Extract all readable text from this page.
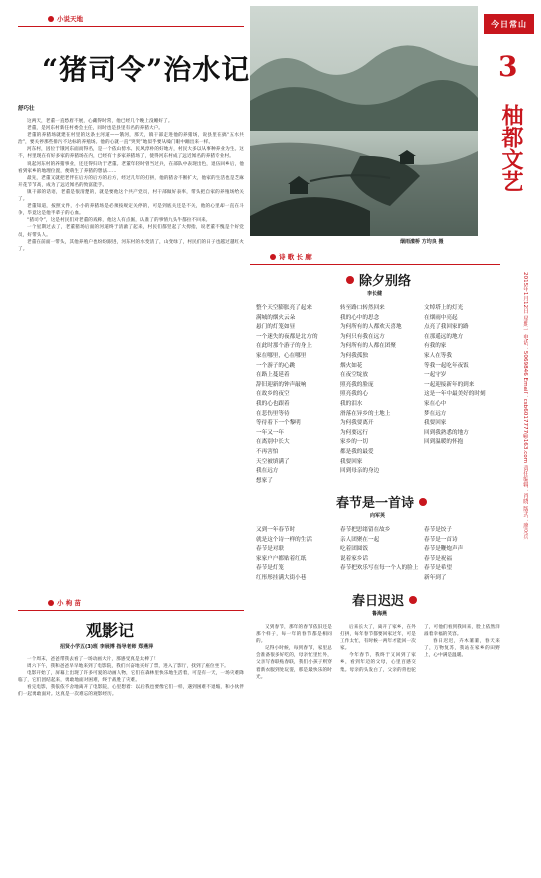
小说天地
“猪司令”治水记
舒巧壮

这两天，老董一直愁眉不展，心藏得时常，他已经几个晚上没睡好了。

老董，是河东村新任村委会主任，同时也是县里有名的养猪大户。

老董的养猪场就建在村里的这条主河道——饿河，那天，镇干部走进他的养猪场，说县里在搞“五水共治”，要关停那些排污不达标的养殖场。他的心就一直“突突”地似乎要从嗓门眼中蹦出来一样。

河东村，因位于饿河东面而得名，是一个依山傍水、民风淳朴的好地方，村民大多以从事种养业为生。这不，村里现在有好多家的养猪场在内，已经有十多家养猪场了，使得河东村成了远近闻名的养猪专业村。

说起河东村的养猪事业，还还得归功于老董。老董年轻时曾当过兵，在部队中表现出色，退伍回乡后，他看到家乡的地理位置，便萌生了养猪的想法……

最先，老董又就把老伴在后方的后方的后方，经过几年的打拼，他的猪舍不断扩大，他家的生活也是芝麻开花节节高，成为了远近闻名的致富能手。

镇干部的话语，老董是很清楚的，就是要他这个共产党员，村干部做好表率，带头把自家的养殖场给关了。

老董知道，按照文件，小小的养猪场是必须按规定关停的，可是到底关还是不关，他的心里却一直在斗争，毕竟这是他半辈子的心血。

“猪司令”，这是村民们对老董的戏称，他这人有点倔，认准了的事情九头牛都拉不回来。

一个星期过去了，老董猪场后面的河道终于清澈了起来，村民们都竖起了大拇指，说老董不愧是个好党员，好带头人。

老董在前面一带头，其他养殖户也纷纷跟进，河东村的水变清了，山变绿了，村民们的日子也越过越红火了。

小 枸 苗
观影记
招贤小学五(3)班 李展博 指导老师 郑燕萍

一个周末，爸爸带我去看了一场动画大片，那感受真是太棒了！

周六下午，我和爸爸早早地来到了电影院，我们兴奋地买好了票，进入了影厅，找到了座位坐下。

电影开始了，屏幕上出现了许多可爱的动画人物，它们在森林里快乐地生活着，可是有一天，一场灾难降临了，它们团结起来，勇敢地面对困难，终于战胜了灾难。

看完电影，我依依不舍地离开了电影院，心里想着：以后我也要像它们一样，遇到困难不退缩，和小伙伴们一起勇敢面对。这真是一次难忘的观影经历。

烟雨漾桥 方均良 摄
今日常山
3
柚都文艺
2015年1月12日 星期一 电话：5069846 Email：csb6017777@163.com 责任编辑：肖晓 版式：廖克兵
诗 歌 长 廊
除夕别络
李长健
整个天空膨胀亮了起来
满城的烟火云朵
悬门的灯笼如昼
一个迷失的夜都是北方的
在此时那个游子的身上
家在哪里，心在哪里
一个游子的心跳
在路上蔓延着
辞旧迎新的钟声敲响
在故乡的夜空
我的心也跟着
在悲伤里等待
等待着下一个黎明
一年又一年
在离别中长大
不再害怕
天空被填满了
我在远方
想家了
转至路口转然回来
我的心中的思念
为何所有的人都欢天喜地
为何只有我在远方
为何所有的人都在团聚
为何我孤独
烟火如花
在夜空绽放
照亮我的脸庞
照亮我的心
我的泪水
滑落在异乡的土地上
为何我要离开
为何要远行
家乡的一切
都是我的最爱
我要回家
回到母亲的身边
文绰塔上的灯光
在烟雨中亮起
点亮了我回家的路
在那遥远的地方
有我的家
家人在等我
等我一起吃年夜饭
一起守岁
一起迎接新年的到来
这是一年中最美好的时刻
家在心中
梦在远方
我要回家
回到我熟悉的地方
回到温暖的怀抱
春节是一首诗
向军英
又到一年春节时
就是这个诗一样的生活
春节是对联
家家户户都贴着红纸
春节是灯笼
红彤彤挂满大街小巷
春节把思绪留在故乡
亲人团聚在一起
吃着团圆饭
说着家乡话
春节把欢乐写在每一个人的脸上
春节是饺子
春节是一首诗
春节是鞭炮声声
春节是祝福
春节是希望
新年到了
春日迟迟
鲁海燕

又到春节，那年的春节依旧还是那个样子，每一年的春节都是相同的。

记得小时候，每到春节，家里总会准备很多好吃的，母亲忙里忙外，父亲写春联贴春联，我们小孩子则穿着新衣服到处玩耍，那是最快乐的时光。

后来长大了，离开了家乡，在外打拼，每年春节都要回家过年，可是工作太忙，有时候一两年才能回一次家。

今年春节，我终于又回到了家乡，看到年迈的父母，心里百感交集。母亲的头发白了，父亲的背也驼了，可他们看到我回来，脸上依然洋溢着幸福的笑容。

春日迟迟，卉木萋萋，春天来了，万物复苏，我站在家乡的田野上，心中满是温暖。
